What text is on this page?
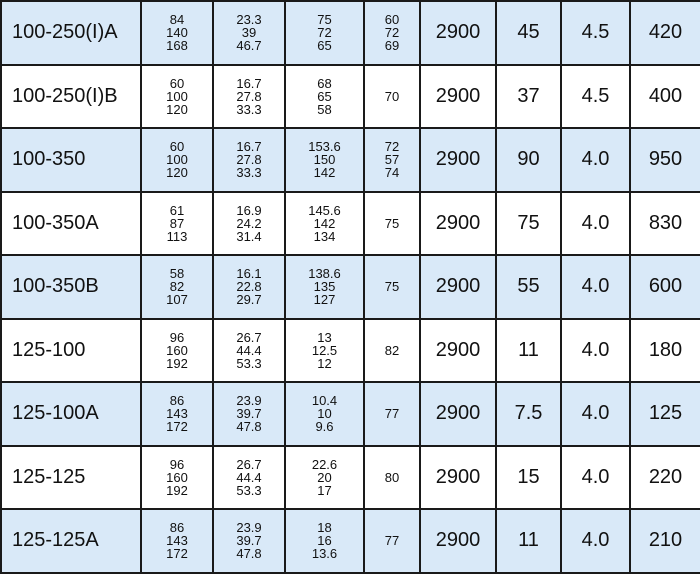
100-250(I)A	84
140
168	23.3
39
46.7	75
72
65	60
72
69	2900	45	4.5	420
100-250(I)B	60
100
120	16.7
27.8
33.3	68
65
58	70	2900	37	4.5	400
100-350	60
100
120	16.7
27.8
33.3	153.6
150
142	72
57
74	2900	90	4.0	950
100-350A	61
87
113	16.9
24.2
31.4	145.6
142
134	75	2900	75	4.0	830
100-350B	58
82
107	16.1
22.8
29.7	138.6
135
127	75	2900	55	4.0	600
125-100	96
160
192	26.7
44.4
53.3	13
12.5
12	82	2900	11	4.0	180
125-100A	86
143
172	23.9
39.7
47.8	10.4
10
9.6	77	2900	7.5	4.0	125
125-125	96
160
192	26.7
44.4
53.3	22.6
20
17	80	2900	15	4.0	220
125-125A	86
143
172	23.9
39.7
47.8	18
16
13.6	77	2900	11	4.0	210
